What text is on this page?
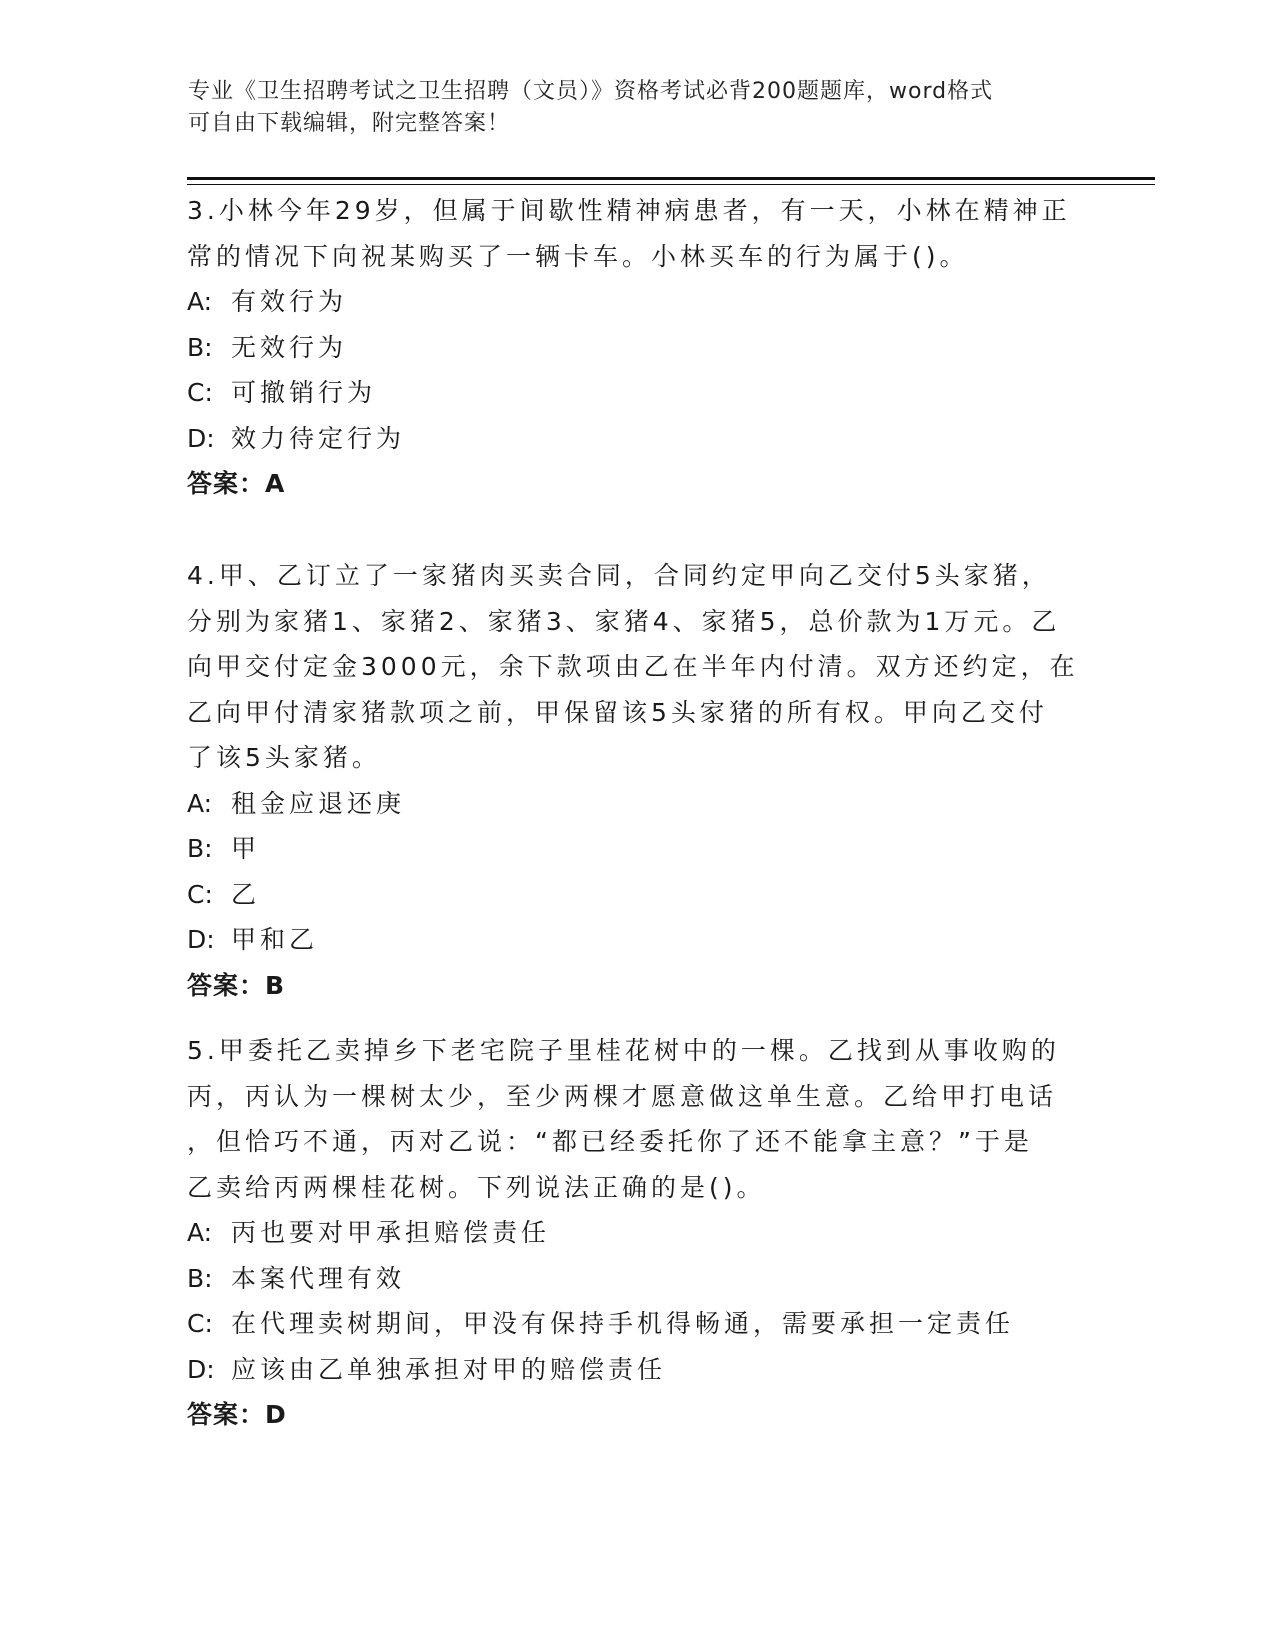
专业《卫生招聘考试之卫生招聘（文员）》资格考试必背200题题库，word格式
可自由下载编辑，附完整答案！

3.小林今年29岁，但属于间歇性精神病患者，有一天，小林在精神正

常的情况下向祝某购买了一辆卡车。小林买车的行为属于()。

A: 有效行为

B: 无效行为

C: 可撤销行为

D: 效力待定行为

答案：A

4.甲、乙订立了一家猪肉买卖合同，合同约定甲向乙交付5头家猪，

分别为家猪1、家猪2、家猪3、家猪4、家猪5，总价款为1万元。乙

向甲交付定金3000元，余下款项由乙在半年内付清。双方还约定，在

乙向甲付清家猪款项之前，甲保留该5头家猪的所有权。甲向乙交付

了该5头家猪。

A: 租金应退还庚

B: 甲

C: 乙

D: 甲和乙

答案：B

5.甲委托乙卖掉乡下老宅院子里桂花树中的一棵。乙找到从事收购的

丙，丙认为一棵树太少，至少两棵才愿意做这单生意。乙给甲打电话

，但恰巧不通，丙对乙说：“都已经委托你了还不能拿主意？”于是

乙卖给丙两棵桂花树。下列说法正确的是()。

A: 丙也要对甲承担赔偿责任

B: 本案代理有效

C: 在代理卖树期间，甲没有保持手机得畅通，需要承担一定责任

D: 应该由乙单独承担对甲的赔偿责任

答案：D
